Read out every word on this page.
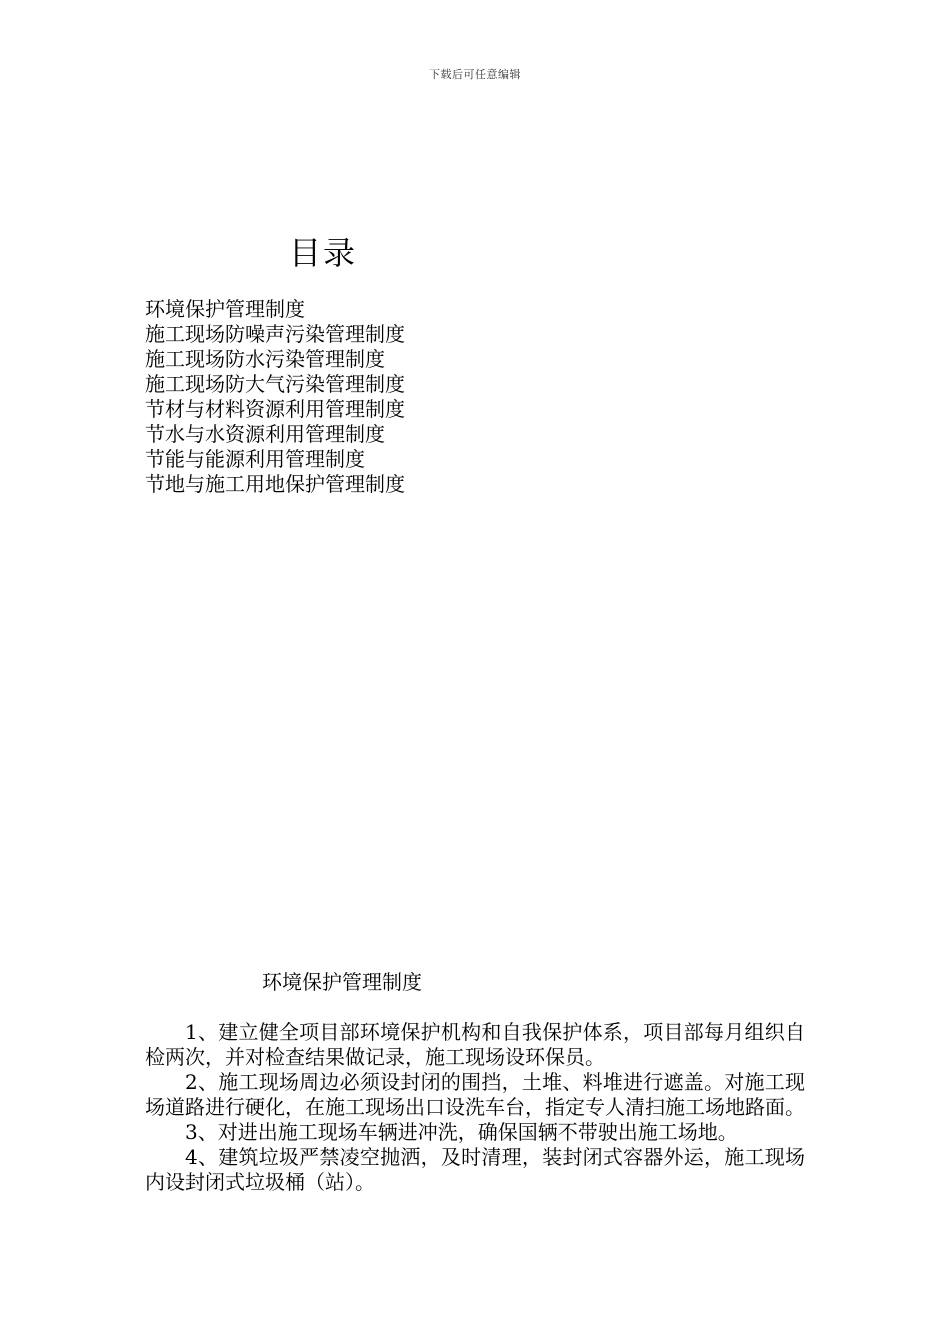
下载后可任意编辑
目录
环境保护管理制度
施工现场防噪声污染管理制度
施工现场防水污染管理制度
施工现场防大气污染管理制度
节材与材料资源利用管理制度
节水与水资源利用管理制度
节能与能源利用管理制度
节地与施工用地保护管理制度
环境保护管理制度

1、建立健全项目部环境保护机构和自我保护体系，项目部每月组织自检两次，并对检查结果做记录，施工现场设环保员。

2、施工现场周边必须设封闭的围挡，土堆、料堆进行遮盖。对施工现场道路进行硬化，在施工现场出口设洗车台，指定专人清扫施工场地路面。

3、对进出施工现场车辆进冲洗，确保国辆不带驶出施工场地。

4、建筑垃圾严禁凌空抛洒，及时清理，装封闭式容器外运，施工现场内设封闭式垃圾桶（站）。
